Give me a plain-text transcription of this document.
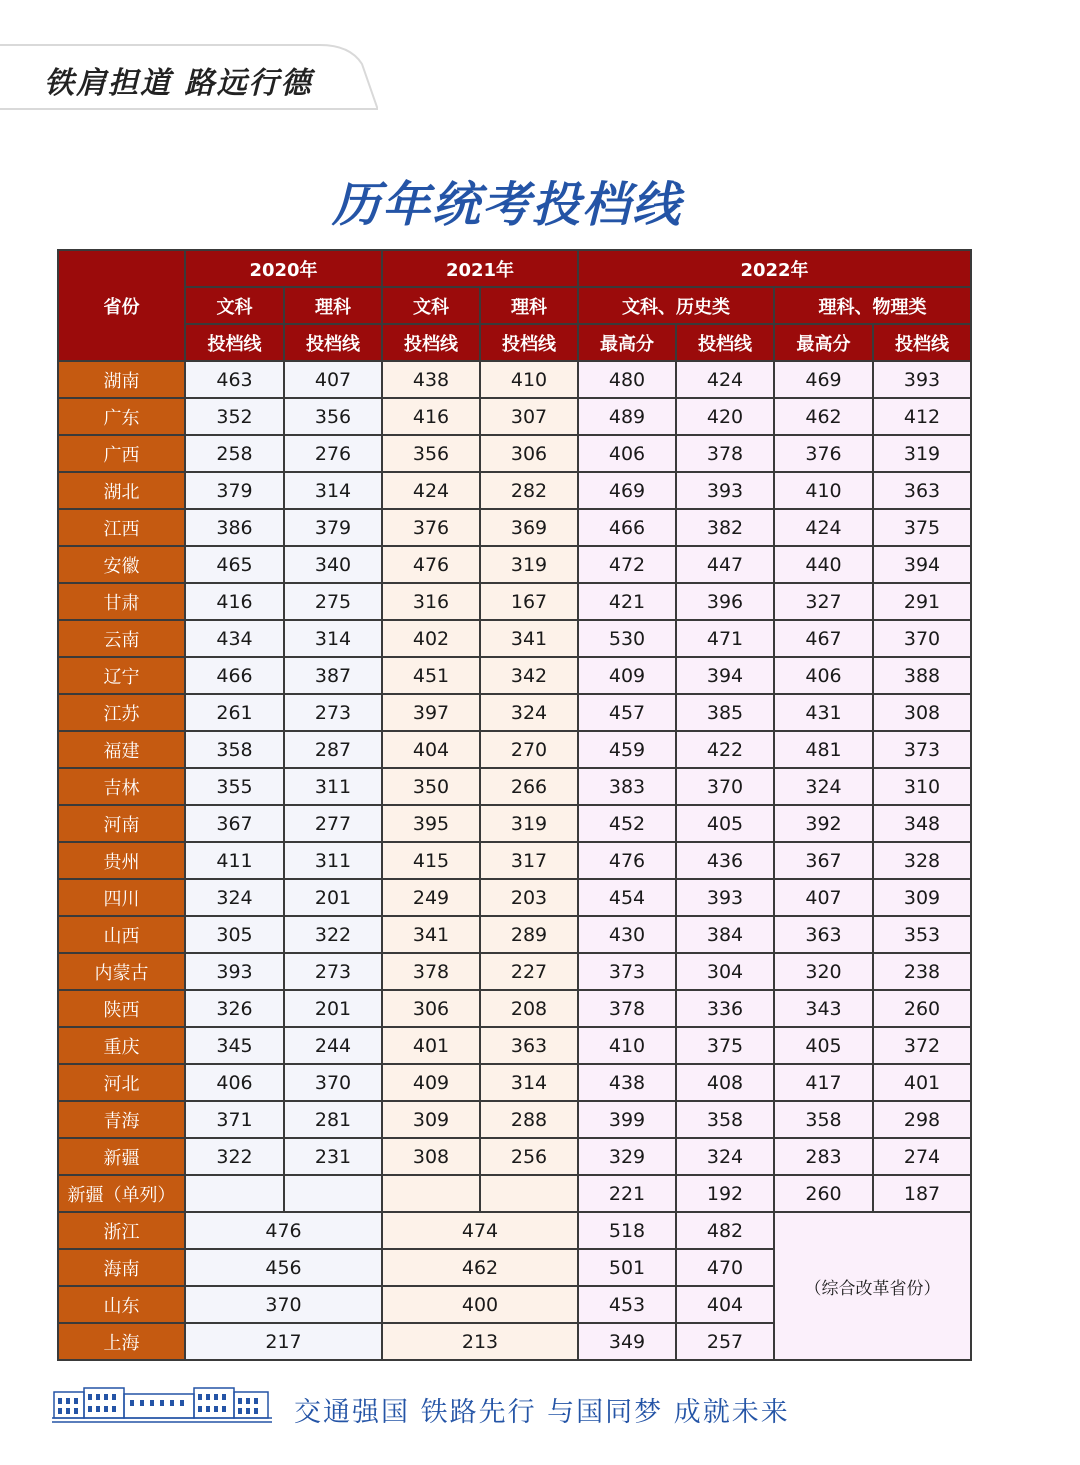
铁肩担道 路远行德
历年统考投档线
省份	2020年		2021年		2022年			
	文科	理科	文科	理科	文科、历史类		理科、物理类	
	投档线	投档线	投档线	投档线	最高分	投档线	最高分	投档线
湖南	463	407	438	410	480	424	469	393
广东	352	356	416	307	489	420	462	412
广西	258	276	356	306	406	378	376	319
湖北	379	314	424	282	469	393	410	363
江西	386	379	376	369	466	382	424	375
安徽	465	340	476	319	472	447	440	394
甘肃	416	275	316	167	421	396	327	291
云南	434	314	402	341	530	471	467	370
辽宁	466	387	451	342	409	394	406	388
江苏	261	273	397	324	457	385	431	308
福建	358	287	404	270	459	422	481	373
吉林	355	311	350	266	383	370	324	310
河南	367	277	395	319	452	405	392	348
贵州	411	311	415	317	476	436	367	328
四川	324	201	249	203	454	393	407	309
山西	305	322	341	289	430	384	363	353
内蒙古	393	273	378	227	373	304	320	238
陕西	326	201	306	208	378	336	343	260
重庆	345	244	401	363	410	375	405	372
河北	406	370	409	314	438	408	417	401
青海	371	281	309	288	399	358	358	298
新疆	322	231	308	256	329	324	283	274
新疆（单列）					221	192	260	187
浙江	476		474		518	482	（综合改革省份）	
海南	456		462		501	470		
山东	370		400		453	404		
上海	217		213		349	257		
交通强国 铁路先行 与国同梦 成就未来
